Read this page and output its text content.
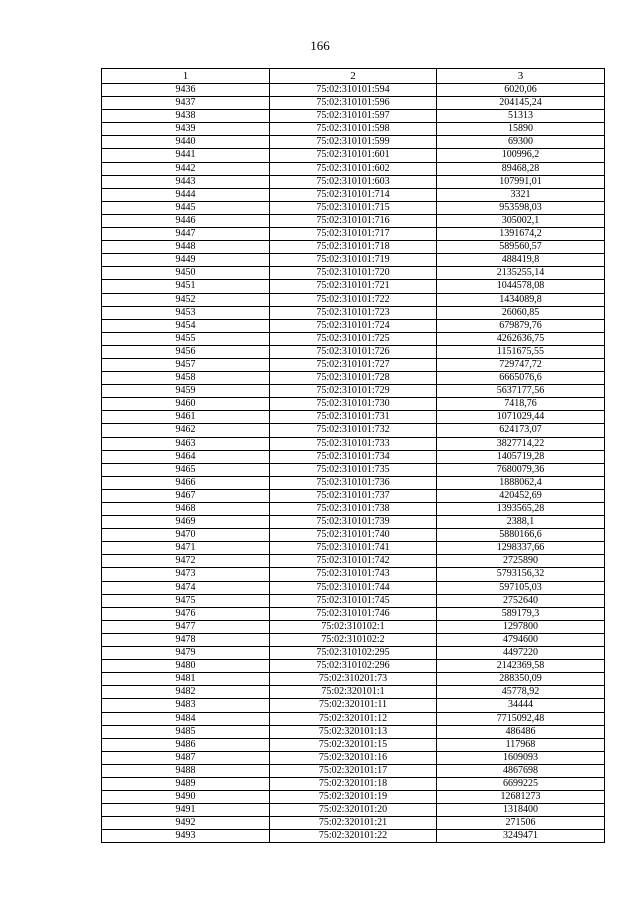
166
1	2	3
9436	75:02:310101:594	6020,06
9437	75:02:310101:596	204145,24
9438	75:02:310101:597	51313
9439	75:02:310101:598	15890
9440	75:02:310101:599	69300
9441	75:02:310101:601	100996,2
9442	75:02:310101:602	89468,28
9443	75:02:310101:603	107991,01
9444	75:02:310101:714	3321
9445	75:02:310101:715	953598,03
9446	75:02:310101:716	305002,1
9447	75:02:310101:717	1391674,2
9448	75:02:310101:718	589560,57
9449	75:02:310101:719	488419,8
9450	75:02:310101:720	2135255,14
9451	75:02:310101:721	1044578,08
9452	75:02:310101:722	1434089,8
9453	75:02:310101:723	26060,85
9454	75:02:310101:724	679879,76
9455	75:02:310101:725	4262636,75
9456	75:02:310101:726	1151675,55
9457	75:02:310101:727	729747,72
9458	75:02:310101:728	6665076,6
9459	75:02:310101:729	5637177,56
9460	75:02:310101:730	7418,76
9461	75:02:310101:731	1071029,44
9462	75:02:310101:732	624173,07
9463	75:02:310101:733	3827714,22
9464	75:02:310101:734	1405719,28
9465	75:02:310101:735	7680079,36
9466	75:02:310101:736	1888062,4
9467	75:02:310101:737	420452,69
9468	75:02:310101:738	1393565,28
9469	75:02:310101:739	2388,1
9470	75:02:310101:740	5880166,6
9471	75:02:310101:741	1298337,66
9472	75:02:310101:742	2725890
9473	75:02:310101:743	5793156,32
9474	75:02:310101:744	597105,03
9475	75:02:310101:745	2752640
9476	75:02:310101:746	589179,3
9477	75:02:310102:1	1297800
9478	75:02:310102:2	4794600
9479	75:02:310102:295	4497220
9480	75:02:310102:296	2142369,58
9481	75:02:310201:73	288350,09
9482	75:02:320101:1	45778,92
9483	75:02:320101:11	34444
9484	75:02:320101:12	7715092,48
9485	75:02:320101:13	486486
9486	75:02:320101:15	117968
9487	75:02:320101:16	1609093
9488	75:02:320101:17	4867698
9489	75:02:320101:18	6699225
9490	75:02:320101:19	12681273
9491	75:02:320101:20	1318400
9492	75:02:320101:21	271506
9493	75:02:320101:22	3249471
